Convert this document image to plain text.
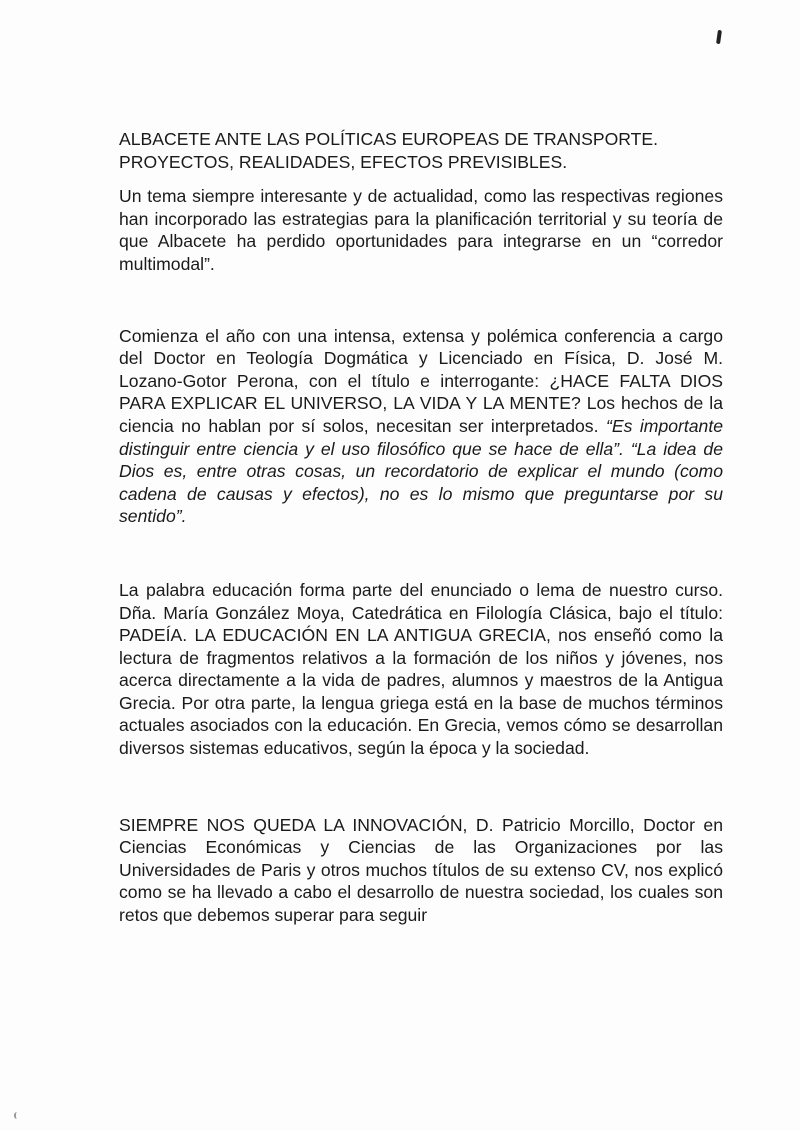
ALBACETE ANTE LAS POLÍTICAS EUROPEAS DE TRANSPORTE.
PROYECTOS, REALIDADES, EFECTOS PREVISIBLES.

Un tema siempre interesante y de actualidad, como las respectivas regiones han incorporado las estrategias para la planificación territorial y su teoría de que Albacete ha perdido oportunidades para integrarse en un “corredor multimodal”.

Comienza el año con una intensa, extensa y polémica conferencia a cargo del Doctor en Teología Dogmática y Licenciado en Física, D. José M. Lozano-Gotor Perona, con el título e interrogante: ¿HACE FALTA DIOS PARA EXPLICAR EL UNIVERSO, LA VIDA Y LA MENTE? Los hechos de la ciencia no hablan por sí solos, necesitan ser interpretados. “Es importante distinguir entre ciencia y el uso filosófico que se hace de ella”. “La idea de Dios es, entre otras cosas, un recordatorio de explicar el mundo (como cadena de causas y efectos), no es lo mismo que preguntarse por su sentido”.

La palabra educación forma parte del enunciado o lema de nuestro curso. Dña. María González Moya, Catedrática en Filología Clásica, bajo el título: PADEÍA. LA EDUCACIÓN EN LA ANTIGUA GRECIA, nos enseñó como la lectura de fragmentos relativos a la formación de los niños y jóvenes, nos acerca directamente a la vida de padres, alumnos y maestros de la Antigua Grecia. Por otra parte, la lengua griega está en la base de muchos términos actuales asociados con la educación. En Grecia, vemos cómo se desarrollan diversos sistemas educativos, según la época y la sociedad.

SIEMPRE NOS QUEDA LA INNOVACIÓN, D. Patricio Morcillo, Doctor en Ciencias Económicas y Ciencias de las Organizaciones por las Universidades de Paris y otros muchos títulos de su extenso CV, nos explicó como se ha llevado a cabo el desarrollo de nuestra sociedad, los cuales son retos que debemos superar para seguir
